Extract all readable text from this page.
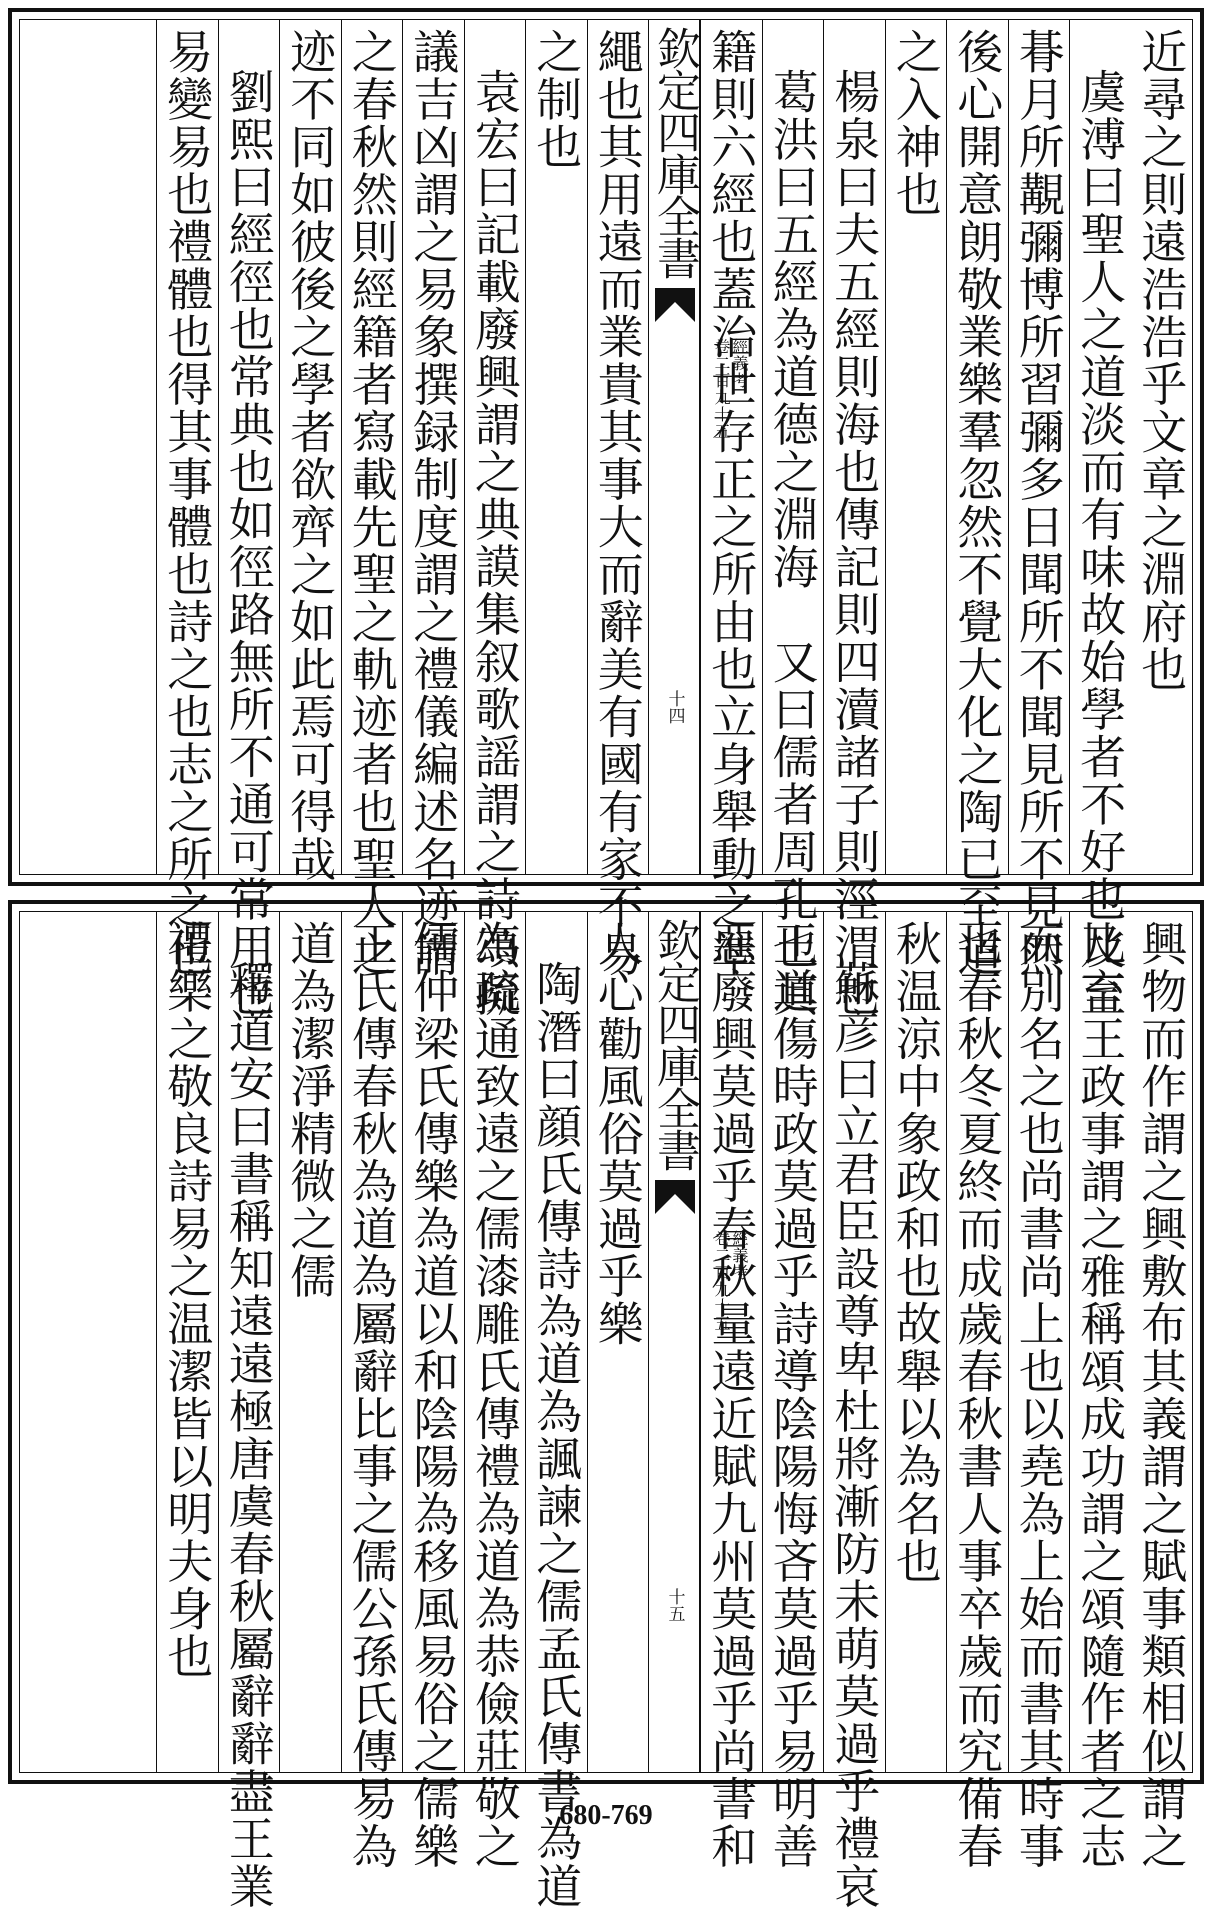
近尋之則遠浩浩乎文章之淵府也
虞溥曰聖人之道淡而有味故始學者不好也及至
朞月所覯彌博所習彌多日聞所不聞見所不見然
後心開意朗敬業樂羣忽然不覺大化之陶已至道
之入神也
楊泉曰夫五經則海也傳記則四瀆諸子則涇渭也
葛洪曰五經為道德之淵海　又曰儒者周孔也其
籍則六經也蓋治世存正之所由也立身舉動之準
欽定四庫全書
經義考
卷二百九十五
十四
繩也其用遠而業貴其事大而辭美有國有家不易
之制也
袁宏曰記載廢興謂之典謨集叙歌謡謂之詩頌擬
議吉凶謂之易象撰録制度謂之禮儀編述名迹謂
之春秋然則經籍者寫載先聖之軌迹者也聖人之
迹不同如彼後之學者欲齊之如此焉可得哉
劉熙曰經徑也常典也如徑路無所不通可常用也
易變易也禮體也得其事體也詩之也志之所之也
興物而作謂之興敷布其義謂之賦事類相似謂之
比言王政事謂之雅稱頌成功謂之頌隨作者之志
而別名之也尚書尚上也以堯為上始而書其時事
也春秋冬夏終而成歲春秋書人事卒歲而究備春
秋温涼中象政和也故舉以為名也
蘇彦曰立君臣設尊卑杜將漸防未萌莫過乎禮哀
王道傷時政莫過乎詩導陰陽悔吝莫過乎易明善
惡廢興莫過乎春秋量遠近賦九州莫過乎尚書和
欽定四庫全書
經義考
卷二百九十五
十五
人心勸風俗莫過乎樂
陶潛曰顔氏傳詩為道為諷諫之儒孟氏傳書為道
為疏通致遠之儒漆雕氏傳禮為道為恭儉莊敬之
儒仲梁氏傳樂為道以和陰陽為移風易俗之儒樂
正氏傳春秋為道為屬辭比事之儒公孫氏傳易為
道為潔淨精微之儒
釋道安曰書稱知遠遠極唐虞春秋屬辭辭盡王業
禮樂之敬良詩易之温潔皆以明夫身也
680-769
